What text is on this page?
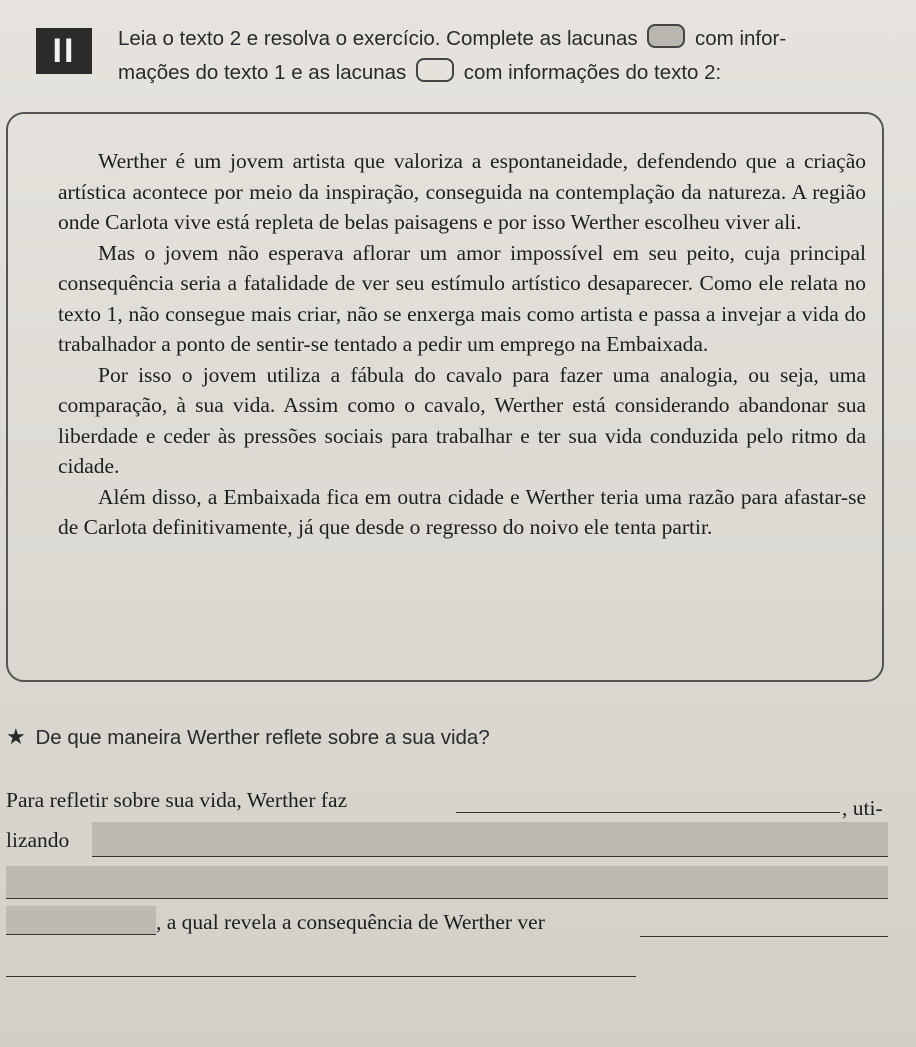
II Leia o texto 2 e resolva o exercício. Complete as lacunas	com infor-
mações do texto 1 e as lacunas	com informações do texto 2:

Werther é um jovem artista que valoriza a espontaneidade, defendendo que a criação artística acontece por meio da inspiração, conseguida na contemplação da natureza. A região onde Carlota vive está repleta de belas paisagens e por isso Werther escolheu viver ali.

Mas o jovem não esperava aflorar um amor impossível em seu peito, cuja principal consequência seria a fatalidade de ver seu estímulo artístico desaparecer. Como ele relata no texto 1, não consegue mais criar, não se enxerga mais como artista e passa a invejar a vida do trabalhador a ponto de sentir-se tentado a pedir um emprego na Embaixada.

Por isso o jovem utiliza a fábula do cavalo para fazer uma analogia, ou seja, uma comparação, à sua vida. Assim como o cavalo, Werther está considerando abandonar sua liberdade e ceder às pressões sociais para trabalhar e ter sua vida conduzida pelo ritmo da cidade.

Além disso, a Embaixada fica em outra cidade e Werther teria uma razão para afastar-se de Carlota definitivamente, já que desde o regresso do noivo ele tenta partir.

★ De que maneira Werther reflete sobre a sua vida?
Para refletir sobre sua vida, Werther faz	, uti-
lizando
, a qual revela a consequência de Werther ver
